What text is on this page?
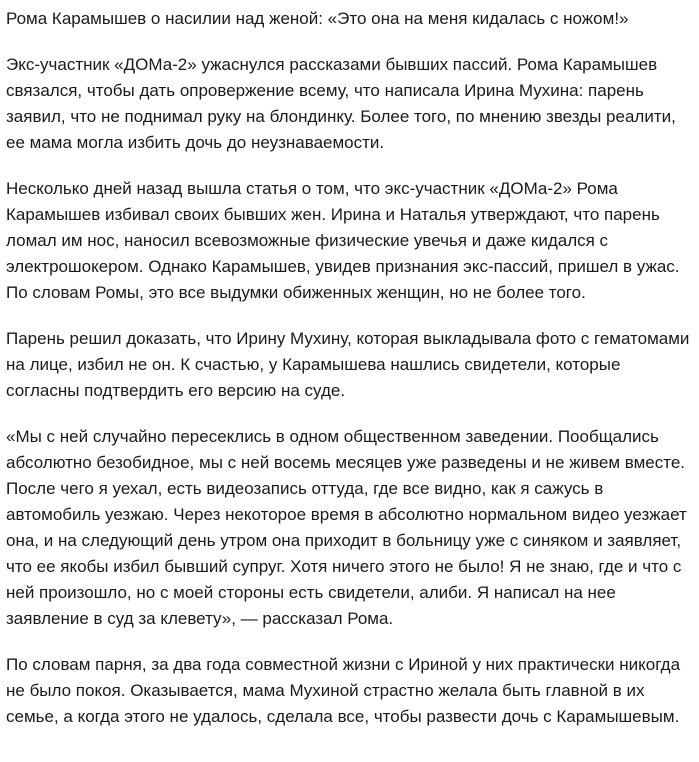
Рома Карамышев о насилии над женой: «Это она на меня кидалась с ножом!»

Экс-участник «ДОМа-2» ужаснулся рассказами бывших пассий. Рома Карамышев связался, чтобы дать опровержение всему, что написала Ирина Мухина: парень заявил, что не поднимал руку на блондинку. Более того, по мнению звезды реалити, ее мама могла избить дочь до неузнаваемости.

Несколько дней назад вышла статья о том, что экс-участник «ДОМа-2» Рома Карамышев избивал своих бывших жен. Ирина и Наталья утверждают, что парень ломал им нос, наносил всевозможные физические увечья и даже кидался с электрошокером. Однако Карамышев, увидев признания экс-пассий, пришел в ужас. По словам Ромы, это все выдумки обиженных женщин, но не более того.

Парень решил доказать, что Ирину Мухину, которая выкладывала фото с гематомами на лице, избил не он. К счастью, у Карамышева нашлись свидетели, которые согласны подтвердить его версию на суде.

«Мы с ней случайно пересеклись в одном общественном заведении. Пообщались абсолютно безобидное, мы с ней восемь месяцев уже разведены и не живем вместе. После чего я уехал, есть видеозапись оттуда, где все видно, как я сажусь в автомобиль уезжаю. Через некоторое время в абсолютно нормальном видео уезжает она, и на следующий день утром она приходит в больницу уже с синяком и заявляет, что ее якобы избил бывший супруг. Хотя ничего этого не было! Я не знаю, где и что с ней произошло, но с моей стороны есть свидетели, алиби. Я написал на нее заявление в суд за клевету», — рассказал Рома.

По словам парня, за два года совместной жизни с Ириной у них практически никогда не было покоя. Оказывается, мама Мухиной страстно желала быть главной в их семье, а когда этого не удалось, сделала все, чтобы развести дочь с Карамышевым.
